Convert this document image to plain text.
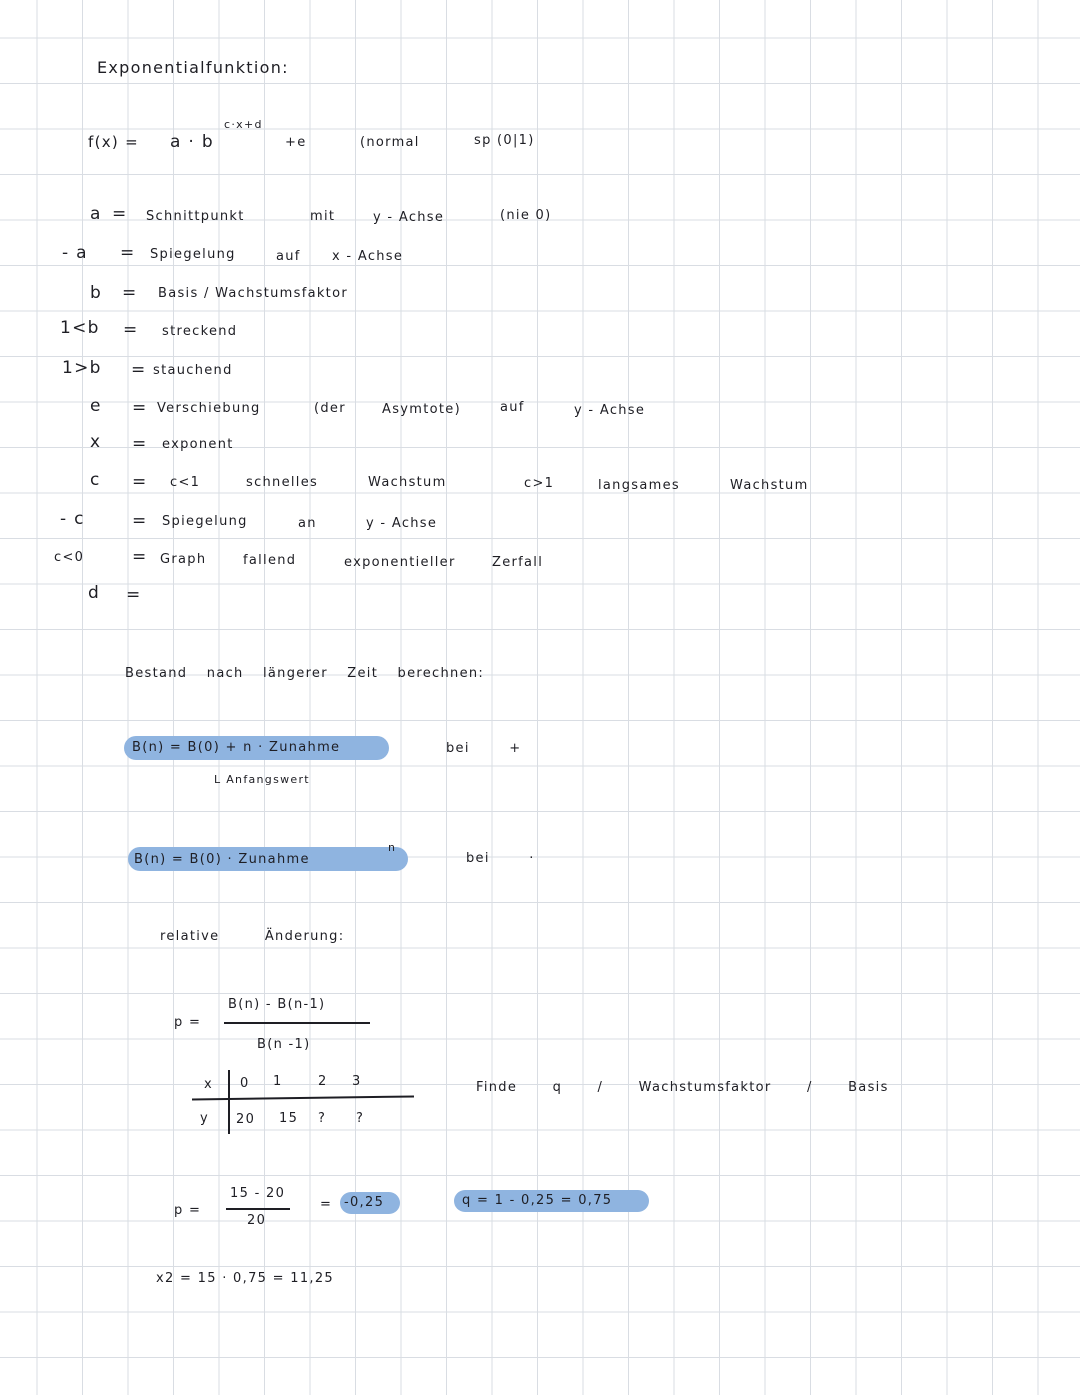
Exponentialfunktion:
f(x) = a · b
c·x+d
+e	(normal	sp (0|1)
a = Schnittpunkt	mit	y - Achse	(nie 0)
- a = Spiegelung	auf x - Achse
b = Basis / Wachstumsfaktor
1<b = streckend
1>b = stauchend
e = Verschiebung	(der	Asymtote)	auf	y - Achse
x = exponent
c = c<1	schnelles	Wachstum	c>1	langsames	Wachstum
- c	= Spiegelung	an	y - Achse
c<0	= Graph	fallend	exponentieller	Zerfall
d =
Bestand nach längerer Zeit berechnen:
B(n) = B(0) + n · Zunahme	bei +
L Anfangswert
B(n) = B(0) · Zunahme
n
bei ·
relative Änderung:
p =
B(n) - B(n-1)
B(n -1)
x 0 1	2 3
y 20 15 ? ?
Finde q / Wachstumsfaktor / Basis
p =
15 - 20
20
= -0,25	q = 1 - 0,25 = 0,75
x2 = 15 · 0,75 = 11,25
